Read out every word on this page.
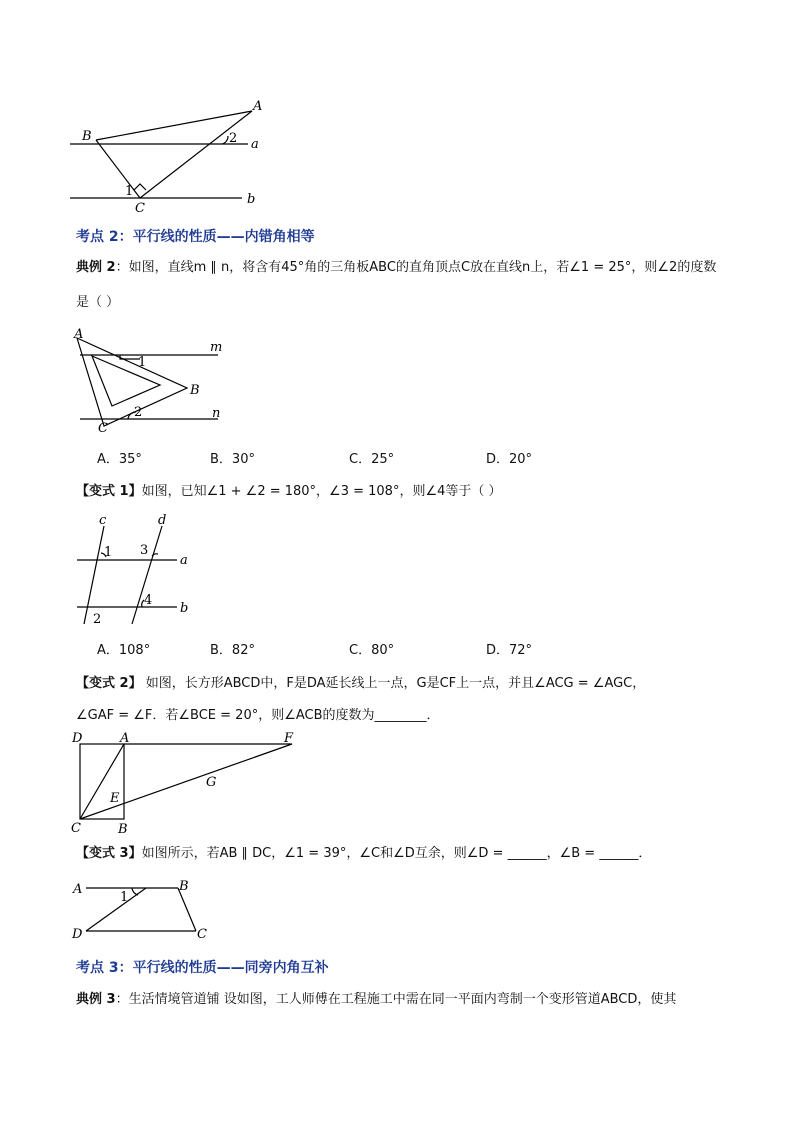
A
B
C
a
b
1
2
考点 2：平行线的性质——内错角相等
典例 2：如图，直线m ∥ n，将含有45°角的三角板ABC的直角顶点C放在直线n上，若∠1 = 25°，则∠2的度数
是（ ）
A
B
C
m
n
1
2
A．35°	B．30°	C．25°	D．20°
【变式 1】如图，已知∠1 + ∠2 = 180°，∠3 = 108°，则∠4等于（ ）
c	d
a
b
1
2
3
4
A．108°	B．82°	C．80°	D．72°
【变式 2】 如图，长方形ABCD中，F是DA延长线上一点，G是CF上一点，并且∠ACG = ∠AGC，
∠GAF = ∠F．若∠BCE = 20°，则∠ACB的度数为________．
D	A	F
G
E
C	B
【变式 3】如图所示，若AB ∥ DC，∠1 = 39°，∠C和∠D互余，则∠D = ______，∠B = ______．
A	B
C
D
1
考点 3：平行线的性质——同旁内角互补
典例 3：生活情境管道铺 设如图，工人师傅在工程施工中需在同一平面内弯制一个变形管道ABCD，使其
